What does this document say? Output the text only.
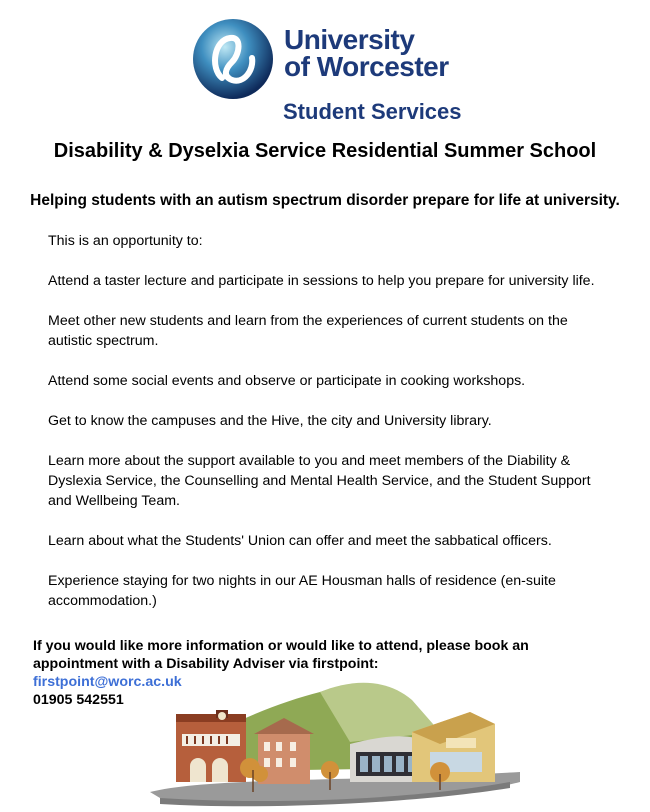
University
of Worcester
Student Services
Disability & Dyselxia Service Residential Summer School
Helping students with an autism spectrum disorder prepare for life at university.

This is an opportunity to:

Attend a taster lecture and participate in sessions to help you prepare for university life.

Meet other new students and learn from the experiences of current students on the autistic spectrum.

Attend some social events and observe or participate in cooking workshops.

Get to know the campuses and the Hive, the city and University library.

Learn more about the support available to you and meet members of the Diability & Dyslexia Service, the Counselling and Mental Health Service, and the Student Support and Wellbeing Team.

Learn about what the Students' Union can offer and meet the sabbatical officers.

Experience staying for two nights in our AE Housman halls of residence (en-suite accommodation.)

If you would like more information or would like to attend, please book an appointment with a Disability Adviser via firstpoint:
firstpoint@worc.ac.uk
01905 542551
